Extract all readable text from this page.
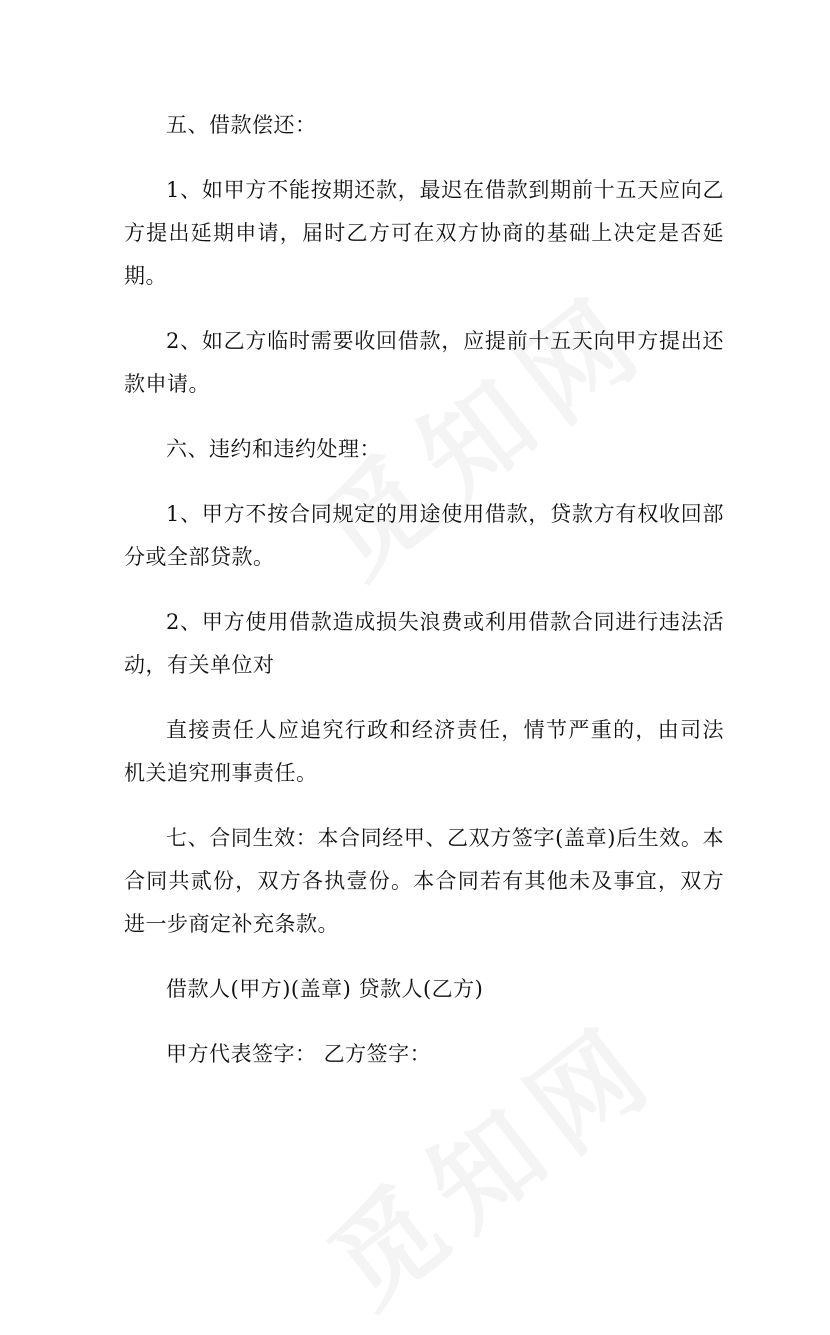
五、借款偿还：

1、如甲方不能按期还款，最迟在借款到期前十五天应向乙方提出延期申请，届时乙方可在双方协商的基础上决定是否延期。

2、如乙方临时需要收回借款，应提前十五天向甲方提出还款申请。

六、违约和违约处理：

1、甲方不按合同规定的用途使用借款，贷款方有权收回部分或全部贷款。

2、甲方使用借款造成损失浪费或利用借款合同进行违法活动，有关单位对

直接责任人应追究行政和经济责任，情节严重的，由司法机关追究刑事责任。

七、合同生效：本合同经甲、乙双方签字(盖章)后生效。本合同共贰份，双方各执壹份。本合同若有其他未及事宜，双方进一步商定补充条款。

借款人(甲方)(盖章) 贷款人(乙方)

甲方代表签字： 乙方签字：
